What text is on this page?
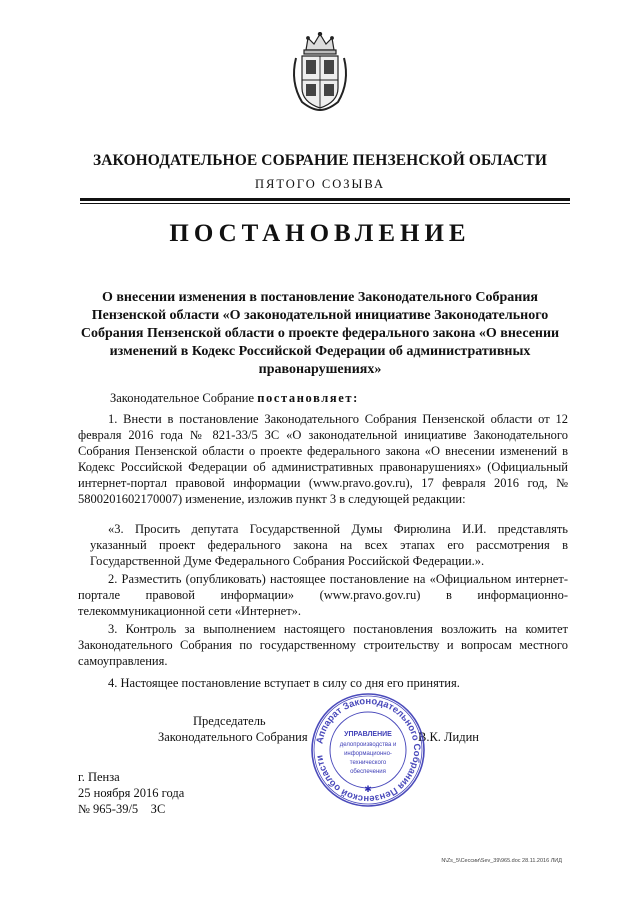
ЗАКОНОДАТЕЛЬНОЕ СОБРАНИЕ ПЕНЗЕНСКОЙ ОБЛАСТИ
ПЯТОГО СОЗЫВА
ПОСТАНОВЛЕНИЕ
О внесении изменения в постановление Законодательного Собрания Пензенской области «О законодательной инициативе Законодательного Собрания Пензенской области о проекте федерального закона «О внесении изменений в Кодекс Российской Федерации об административных правонарушениях»
Законодательное Собрание постановляет:
1. Внести в постановление Законодательного Собрания Пензенской области от 12 февраля 2016 года № 821-33/5 ЗС «О законодательной инициативе Законодательного Собрания Пензенской области о проекте федерального закона «О внесении изменений в Кодекс Российской Федерации об административных правонарушениях» (Официальный интернет-портал правовой информации (www.pravo.gov.ru), 17 февраля 2016 год, № 5800201602170007) изменение, изложив пункт 3 в следующей редакции:
«3. Просить депутата Государственной Думы Фирюлина И.И. представлять указанный проект федерального закона на всех этапах его рассмотрения в Государственной Думе Федерального Собрания Российской Федерации.».
2. Разместить (опубликовать) настоящее постановление на «Официальном интернет-портале правовой информации» (www.pravo.gov.ru) в информационно-телекоммуникационной сети «Интернет».
3. Контроль за выполнением настоящего постановления возложить на комитет Законодательного Собрания по государственному строительству и вопросам местного самоуправления.
4. Настоящее постановление вступает в силу со дня его принятия.
Председатель
Законодательного Собрания	В.К. Лидин
Аппарат Законодательного Собрания Пензенской области
УПРАВЛЕНИЕ
делопроизводства и
информационно-
технического
обеспечения
✱
г. Пенза
25 ноября 2016 года
№ 965-39/5    ЗС
N\Zs_5\Сессии\Sev_39\965.doc 28.11.2016 ЛИД
